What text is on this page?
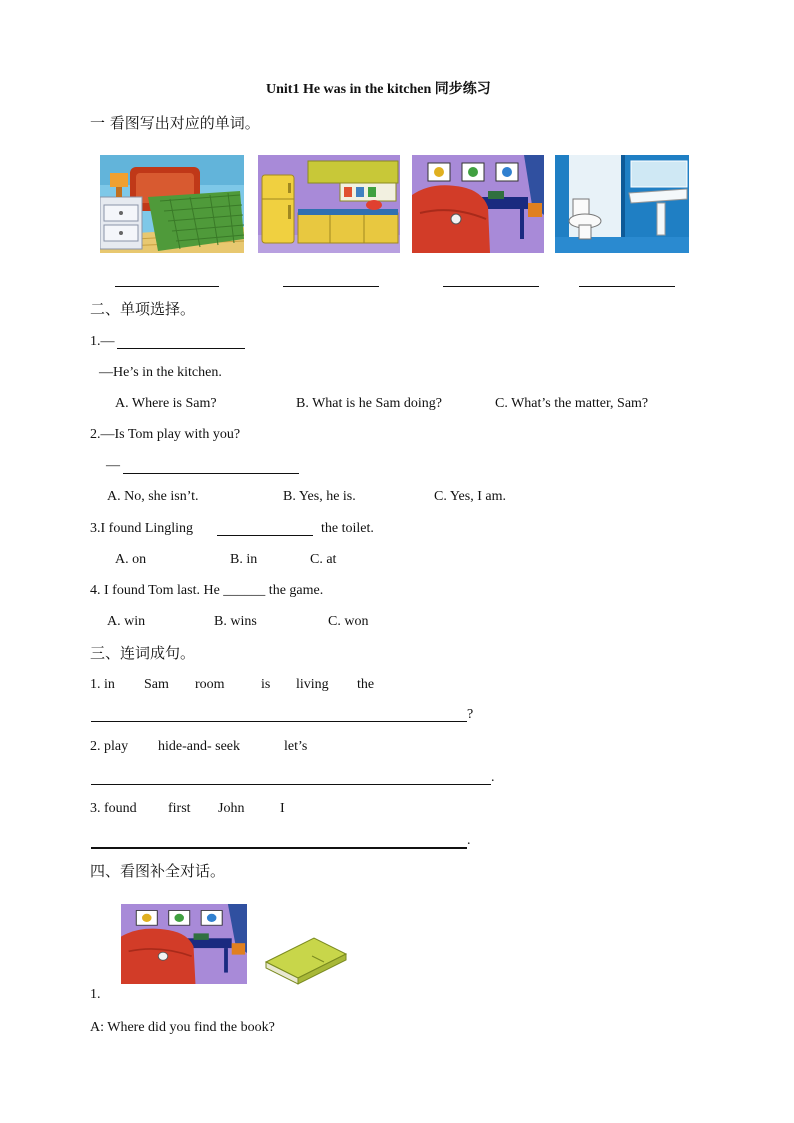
Unit1 He was in the kitchen 同步练习
一 看图写出对应的单词。
二、单项选择。
1.—
—He’s in the kitchen.
A. Where is Sam?	B. What is he Sam doing?	C. What’s the matter, Sam?
2.—Is Tom play with you?
—
A. No, she isn’t.	B. Yes, he is.	C. Yes, I am.
3.I found Lingling	the toilet.
A. on	B. in	C. at
4. I found Tom last. He ______ the game.
A. win	B. wins	C. won
三、连词成句。
1. in Sam room	is living the
?
2. play hide-and- seek	let’s
.
3. found first John	I
.
四、看图补全对话。
1.
A: Where did you find the book?
